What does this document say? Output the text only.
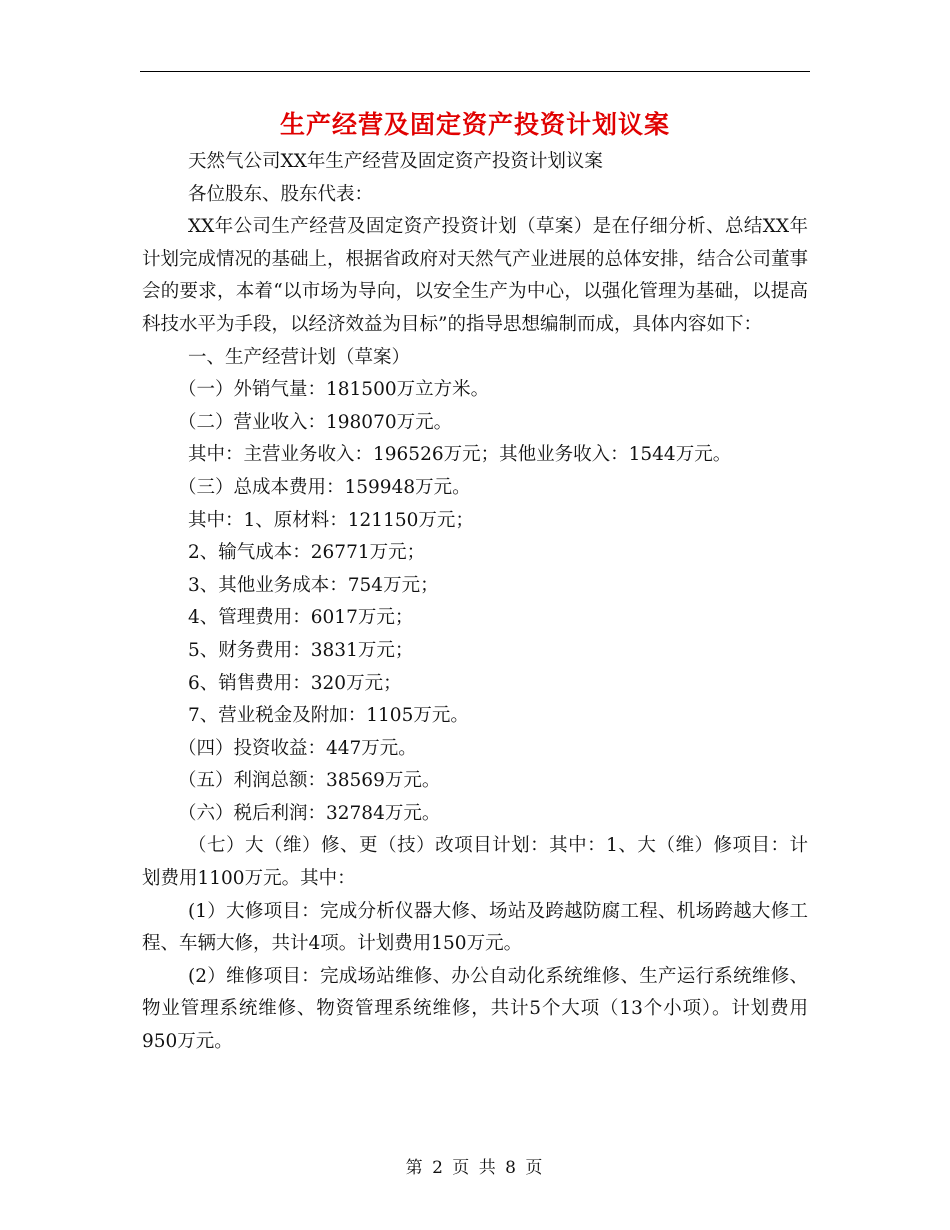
生产经营及固定资产投资计划议案

天然气公司XX年生产经营及固定资产投资计划议案

各位股东、股东代表：

XX年公司生产经营及固定资产投资计划（草案）是在仔细分析、总结XX年计划完成情况的基础上，根据省政府对天然气产业进展的总体安排，结合公司董事会的要求，本着“以市场为导向，以安全生产为中心，以强化管理为基础，以提高科技水平为手段，以经济效益为目标”的指导思想编制而成，具体内容如下：

一、生产经营计划（草案）

（一）外销气量：181500万立方米。

（二）营业收入：198070万元。

其中：主营业务收入：196526万元；其他业务收入：1544万元。

（三）总成本费用：159948万元。

其中：1、原材料：121150万元；

2、输气成本：26771万元；

3、其他业务成本：754万元；

4、管理费用：6017万元；

5、财务费用：3831万元；

6、销售费用：320万元；

7、营业税金及附加：1105万元。

（四）投资收益：447万元。

（五）利润总额：38569万元。

（六）税后利润：32784万元。

（七）大（维）修、更（技）改项目计划：其中：1、大（维）修项目：计划费用1100万元。其中：

(1）大修项目：完成分析仪器大修、场站及跨越防腐工程、机场跨越大修工程、车辆大修，共计4项。计划费用150万元。

(2）维修项目：完成场站维修、办公自动化系统维修、生产运行系统维修、物业管理系统维修、物资管理系统维修，共计5个大项（13个小项）。计划费用950万元。

第 2 页 共 8 页
